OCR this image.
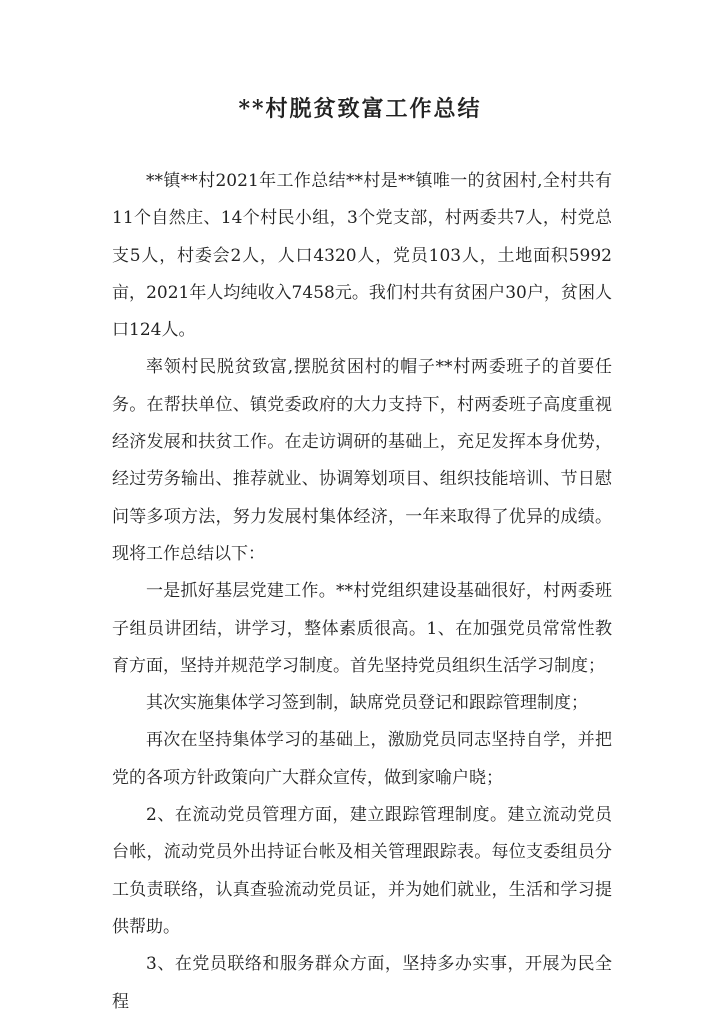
**村脱贫致富工作总结

**镇**村2021年工作总结**村是**镇唯一的贫困村,全村共有11个自然庄、14个村民小组，3个党支部，村两委共7人，村党总支5人，村委会2人，人口4320人，党员103人，土地面积5992亩，2021年人均纯收入7458元。我们村共有贫困户30户，贫困人口124人。

率领村民脱贫致富,摆脱贫困村的帽子**村两委班子的首要任务。在帮扶单位、镇党委政府的大力支持下，村两委班子高度重视经济发展和扶贫工作。在走访调研的基础上，充足发挥本身优势，经过劳务输出、推荐就业、协调筹划项目、组织技能培训、节日慰问等多项方法，努力发展村集体经济，一年来取得了优异的成绩。现将工作总结以下：

一是抓好基层党建工作。**村党组织建设基础很好，村两委班子组员讲团结，讲学习，整体素质很高。1、在加强党员常常性教育方面，坚持并规范学习制度。首先坚持党员组织生活学习制度；

其次实施集体学习签到制，缺席党员登记和跟踪管理制度；

再次在坚持集体学习的基础上，激励党员同志坚持自学，并把党的各项方针政策向广大群众宣传，做到家喻户晓；

2、在流动党员管理方面，建立跟踪管理制度。建立流动党员台帐，流动党员外出持证台帐及相关管理跟踪表。每位支委组员分工负责联络，认真查验流动党员证，并为她们就业，生活和学习提供帮助。

3、在党员联络和服务群众方面，坚持多办实事，开展为民全程
